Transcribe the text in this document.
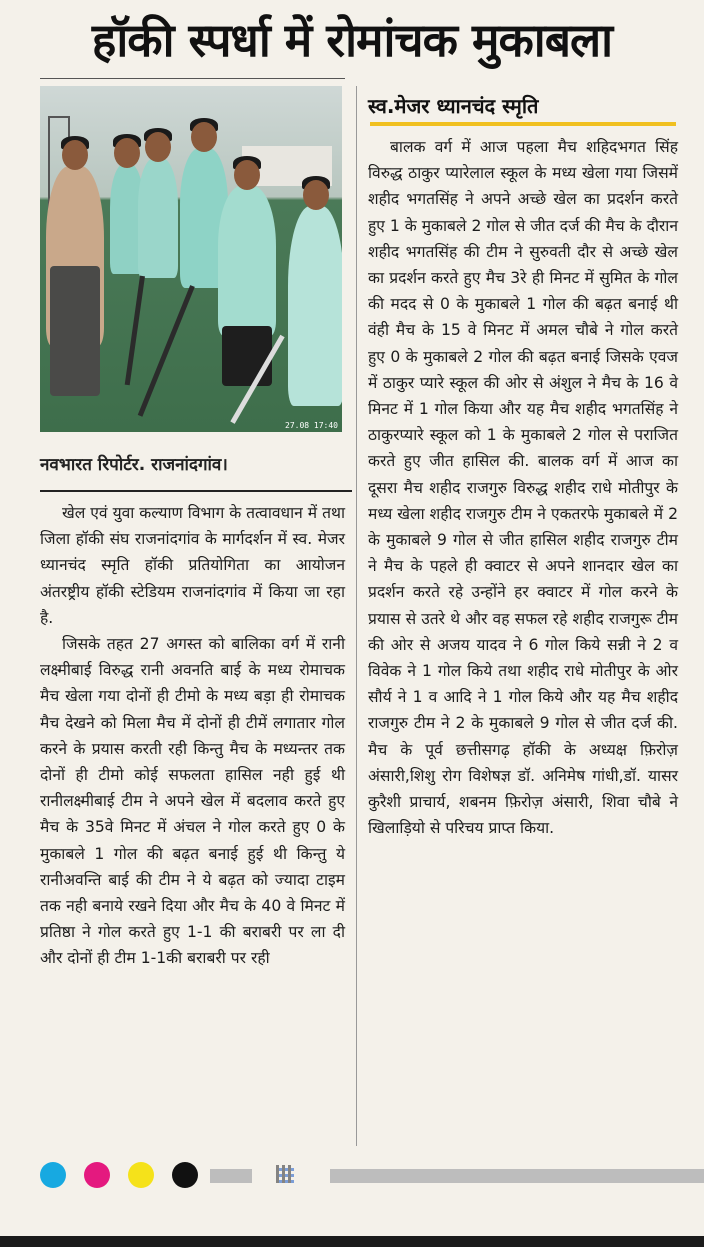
हॉकी स्पर्धा में रोमांचक मुकाबला
27.08 17:40
नवभारत रिपोर्टर. राजनांदगांव।
स्व.मेजर ध्यानचंद स्मृति

खेल एवं युवा कल्याण विभाग के तत्वावधान में तथा जिला हॉकी संघ राजनांदगांव के मार्गदर्शन में स्व. मेजर ध्यानचंद स्मृति हॉकी प्रतियोगिता का आयोजन अंतरष्ट्रीय हॉकी स्टेडियम राजनांदगांव में किया जा रहा है.

जिसके तहत 27 अगस्त को बालिका वर्ग में रानी लक्ष्मीबाई विरुद्ध रानी अवनति बाई के मध्य रोमाचक मैच खेला गया दोनों ही टीमो के मध्य बड़ा ही रोमाचक मैच देखने को मिला मैच में दोनों ही टीमें लगातार गोल करने के प्रयास करती रही किन्तु मैच के मध्यन्तर तक दोनों ही टीमो कोई सफलता हासिल नही हुई थी रानीलक्ष्मीबाई टीम ने अपने खेल में बदलाव करते हुए मैच के 35वे मिनट में अंचल ने गोल करते हुए 0 के मुकाबले 1 गोल की बढ़त बनाई हुई थी किन्तु ये रानीअवन्ति बाई की टीम ने ये बढ़त को ज्यादा टाइम तक नही बनाये रखने दिया और मैच के 40 वे मिनट में प्रतिष्ठा ने गोल करते हुए 1-1 की बराबरी पर ला दी और दोनों ही टीम 1-1की बराबरी पर रही

बालक वर्ग में आज पहला मैच शहिदभगत सिंह विरुद्ध ठाकुर प्यारेलाल स्कूल के मध्य खेला गया जिसमें शहीद भगतसिंह ने अपने अच्छे खेल का प्रदर्शन करते हुए 1 के मुकाबले 2 गोल से जीत दर्ज की मैच के दौरान शहीद भगतसिंह की टीम ने सुरुवती दौर से अच्छे खेल का प्रदर्शन करते हुए मैच 3रे ही मिनट में सुमित के गोल की मदद से 0 के मुकाबले 1 गोल की बढ़त बनाई थी वंही मैच के 15 वे मिनट में अमल चौबे ने गोल करते हुए 0 के मुकाबले 2 गोल की बढ़त बनाई जिसके एवज में ठाकुर प्यारे स्कूल की ओर से अंशुल ने मैच के 16 वे मिनट में 1 गोल किया और यह मैच शहीद भगतसिंह ने ठाकुरप्यारे स्कूल को 1 के मुकाबले 2 गोल से पराजित करते हुए जीत हासिल की. बालक वर्ग में आज का दूसरा मैच शहीद राजगुरु विरुद्ध शहीद राधे मोतीपुर के मध्य खेला शहीद राजगुरु टीम ने एकतरफे मुकाबले में 2 के मुकाबले 9 गोल से जीत हासिल शहीद राजगुरु टीम ने मैच के पहले ही क्वाटर से अपने शानदार खेल का प्रदर्शन करते रहे उन्होंने हर क्वाटर में गोल करने के प्रयास से उतरे थे और वह सफल रहे शहीद राजगुरू टीम की ओर से अजय यादव ने 6 गोल किये सन्नी ने 2 व विवेक ने 1 गोल किये तथा शहीद राधे मोतीपुर के ओर सौर्य ने 1 व आदि ने 1 गोल किये और यह मैच शहीद राजगुरु टीम ने 2 के मुकाबले 9 गोल से जीत दर्ज की. मैच के पूर्व छत्तीसगढ़ हॉकी के अध्यक्ष फ़िरोज़ अंसारी,शिशु रोग विशेषज्ञ डॉ. अनिमेष गांधी,डॉ. यासर कुरैशी प्राचार्य, शबनम फ़िरोज़ अंसारी, शिवा चौबे ने खिलाड़ियो से परिचय प्राप्त किया.
